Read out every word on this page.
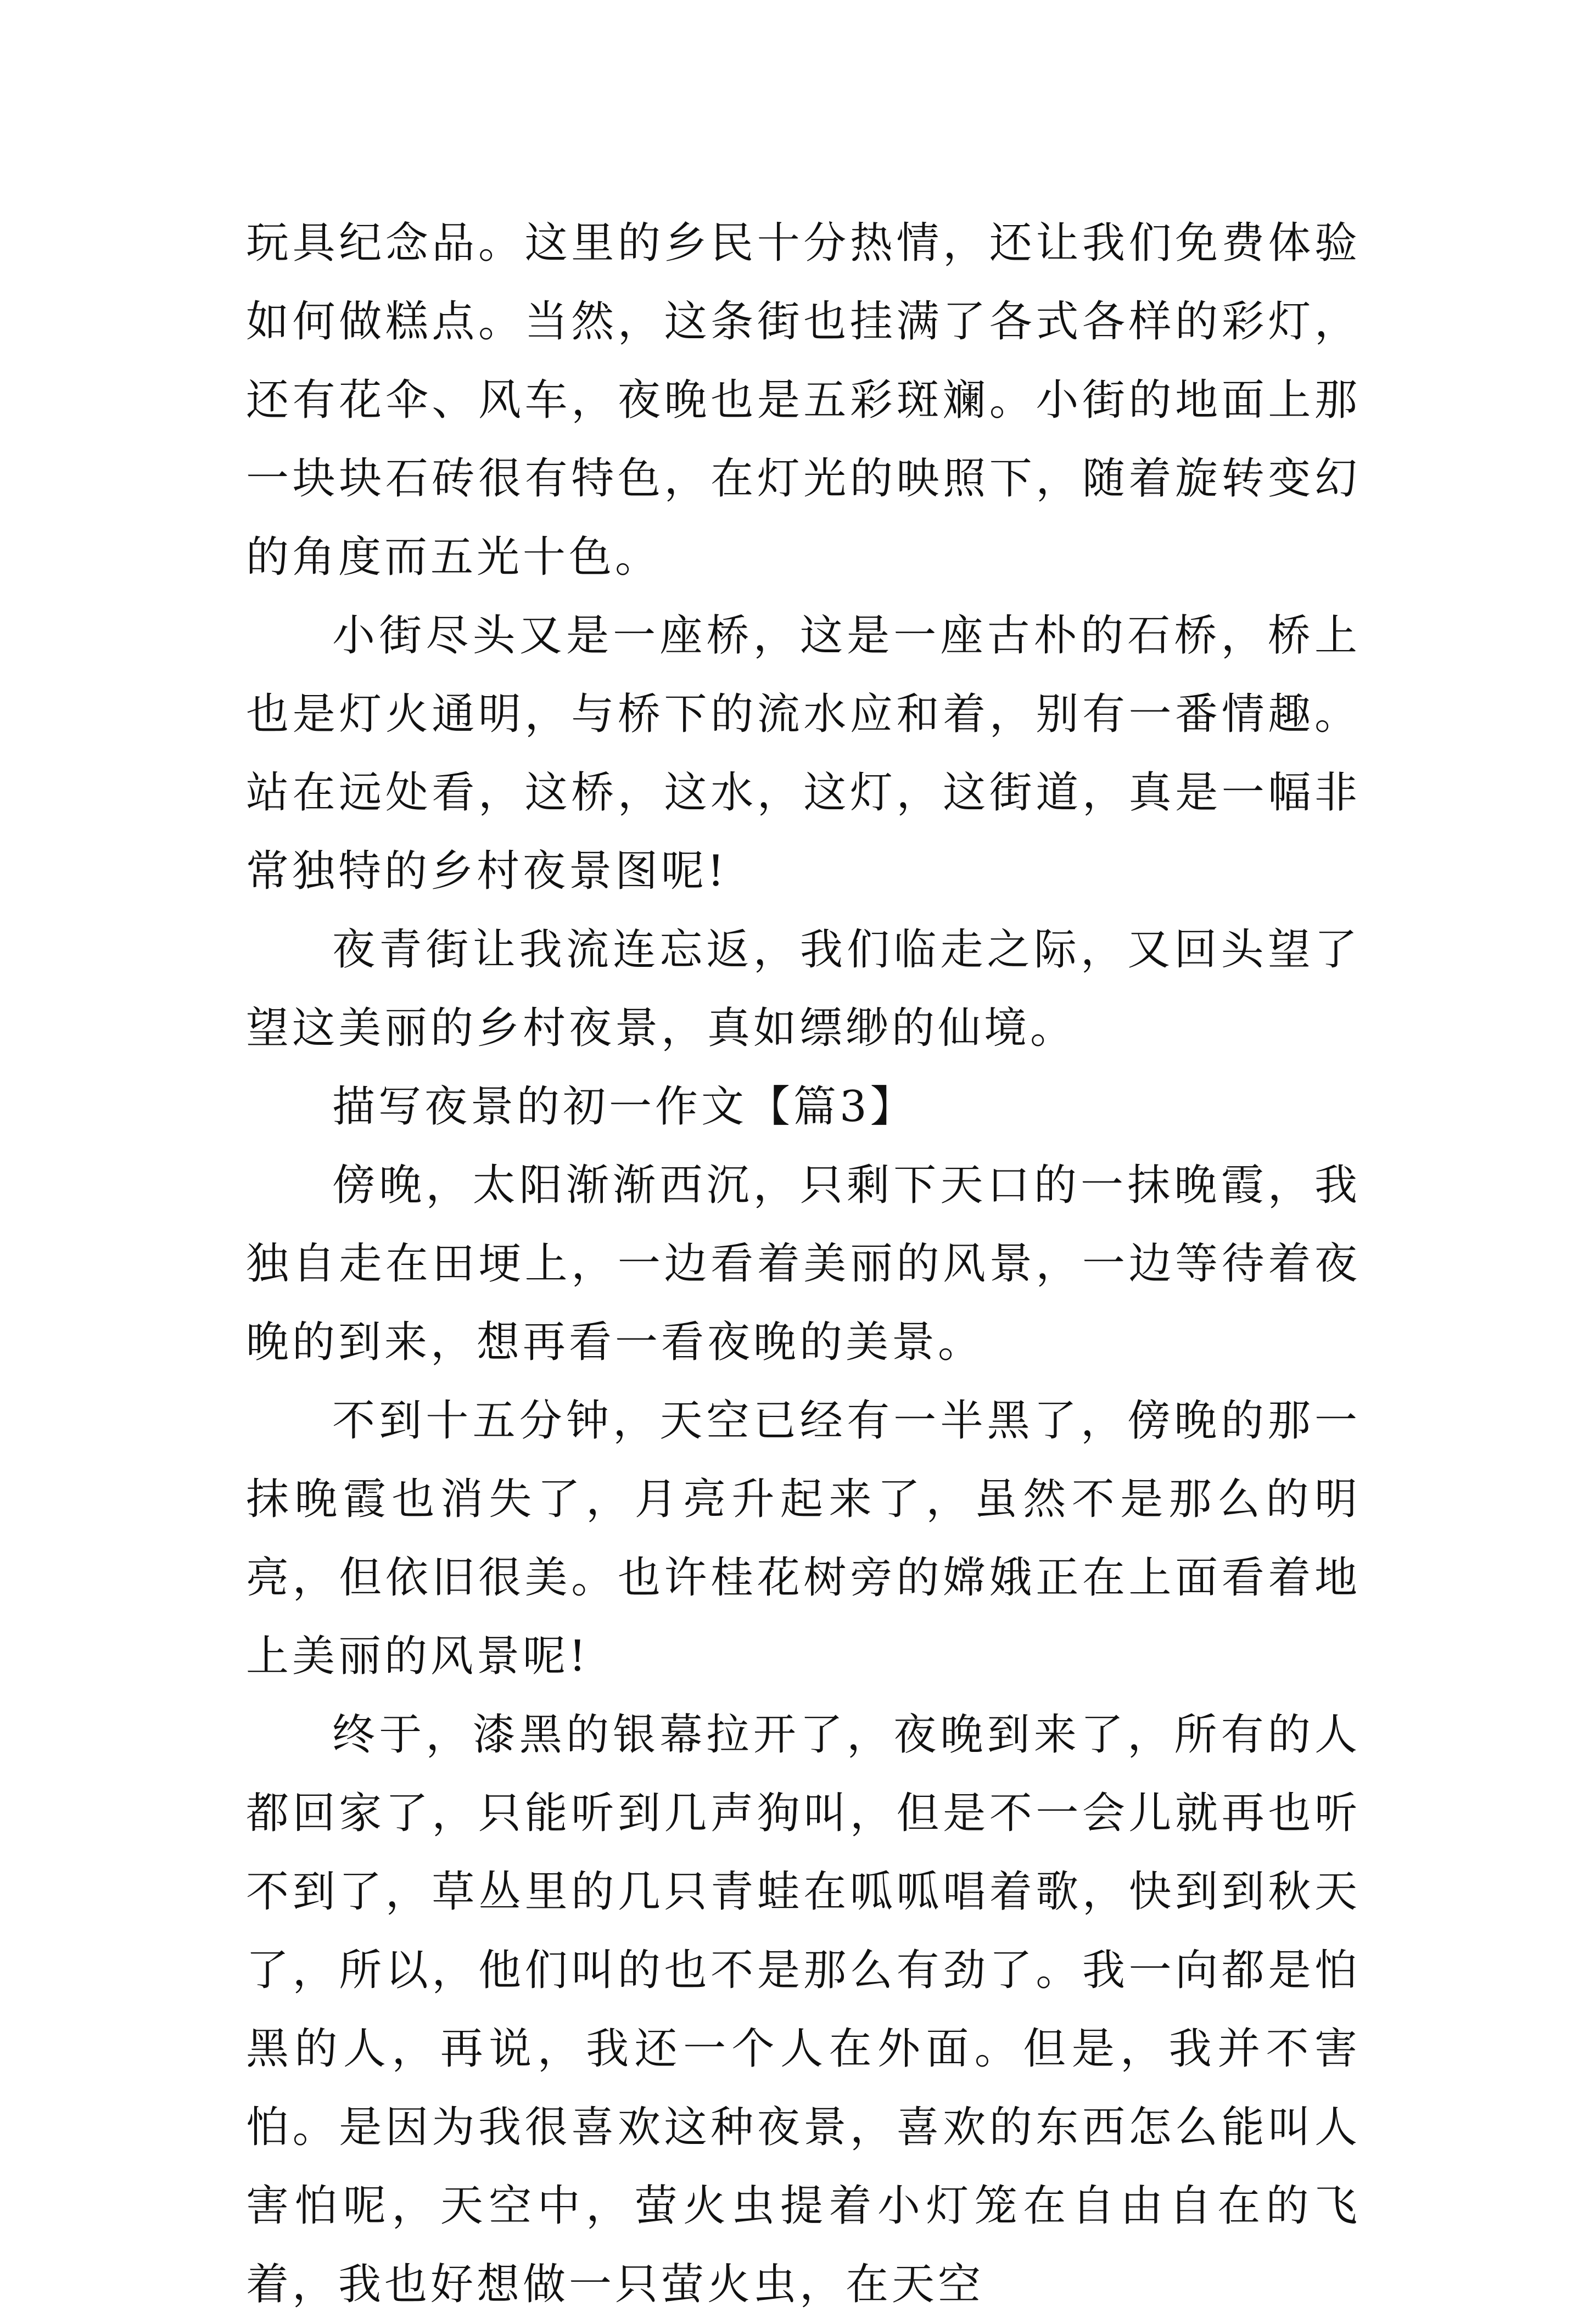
玩具纪念品。这里的乡民十分热情，还让我们免费体验如何做糕点。当然，这条街也挂满了各式各样的彩灯，还有花伞、风车，夜晚也是五彩斑斓。小街的地面上那一块块石砖很有特色，在灯光的映照下，随着旋转变幻的角度而五光十色。

小街尽头又是一座桥，这是一座古朴的石桥，桥上也是灯火通明，与桥下的流水应和着，别有一番情趣。站在远处看，这桥，这水，这灯，这街道，真是一幅非常独特的乡村夜景图呢!

夜青街让我流连忘返，我们临走之际，又回头望了望这美丽的乡村夜景，真如缥缈的仙境。

描写夜景的初一作文【篇3】

傍晚，太阳渐渐西沉，只剩下天口的一抹晚霞，我独自走在田埂上，一边看着美丽的风景，一边等待着夜晚的到来，想再看一看夜晚的美景。

不到十五分钟，天空已经有一半黑了，傍晚的那一抹晚霞也消失了，月亮升起来了，虽然不是那么的明亮，但依旧很美。也许桂花树旁的嫦娥正在上面看着地上美丽的风景呢!

终于，漆黑的银幕拉开了，夜晚到来了，所有的人都回家了，只能听到几声狗叫，但是不一会儿就再也听不到了，草丛里的几只青蛙在呱呱唱着歌，快到到秋天了，所以，他们叫的也不是那么有劲了。我一向都是怕黑的人，再说，我还一个人在外面。但是，我并不害怕。是因为我很喜欢这种夜景，喜欢的东西怎么能叫人害怕呢，天空中，萤火虫提着小灯笼在自由自在的飞着，我也好想做一只萤火虫，在天空
